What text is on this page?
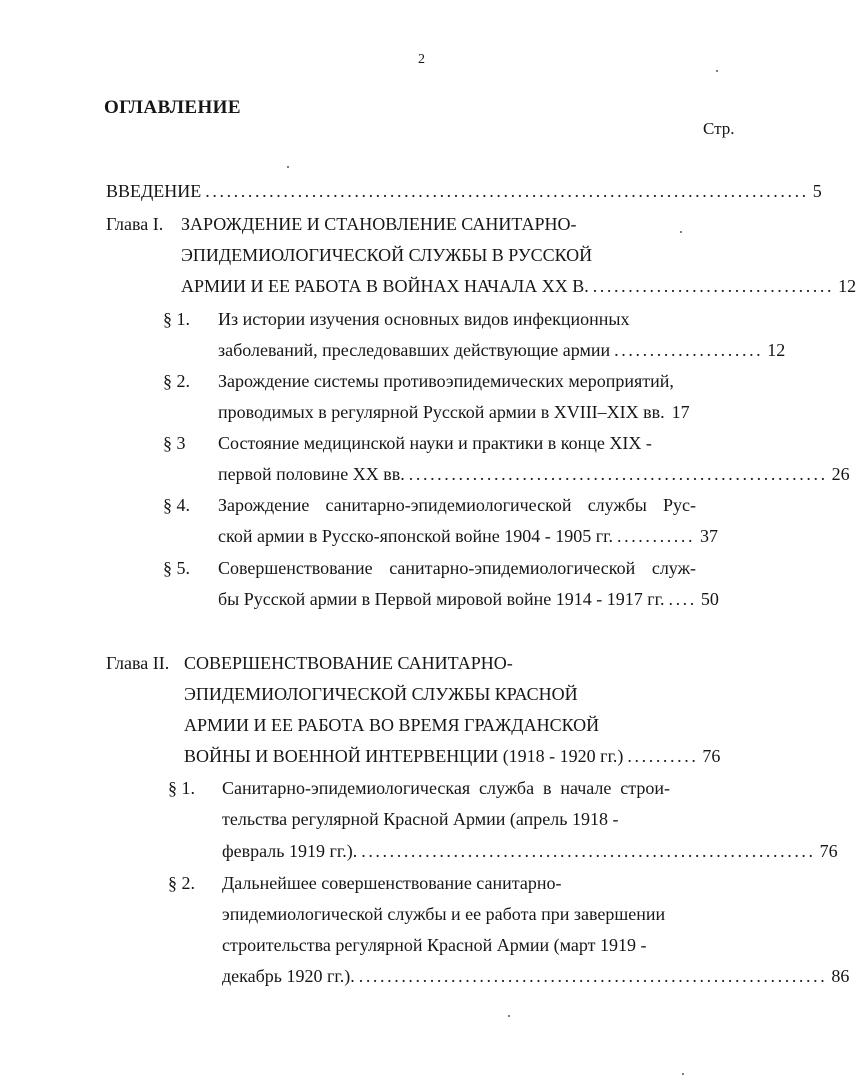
2
ОГЛАВЛЕНИЕ
Стр.
ВВЕДЕНИЕ ..................................................................................... 5
Глава I. ЗАРОЖДЕНИЕ И СТАНОВЛЕНИЕ САНИТАРНО-
ЭПИДЕМИОЛОГИЧЕСКОЙ СЛУЖБЫ В РУССКОЙ
АРМИИ И ЕЕ РАБОТА В ВОЙНАХ НАЧАЛА XX В. .................................. 12
§ 1. Из истории изучения основных видов инфекционных
заболеваний, преследовавших действующие армии ..................... 12
§ 2. Зарождение системы противоэпидемических мероприятий,
проводимых в регулярной Русской армии в XVIII–XIX вв. 17
§ 3 Состояние медицинской науки и практики в конце XIX -
первой половине XX вв. ........................................................... 26
§ 4. Зарождение санитарно-эпидемиологической службы Рус-
ской армии в Русско-японской войне 1904 - 1905 гг. ........... 37
§ 5. Совершенствование санитарно-эпидемиологической служ-
бы Русской армии в Первой мировой войне 1914 - 1917 гг. .... 50
Глава II. СОВЕРШЕНСТВОВАНИЕ САНИТАРНО-
ЭПИДЕМИОЛОГИЧЕСКОЙ СЛУЖБЫ КРАСНОЙ
АРМИИ И ЕЕ РАБОТА ВО ВРЕМЯ ГРАЖДАНСКОЙ
ВОЙНЫ И ВОЕННОЙ ИНТЕРВЕНЦИИ (1918 - 1920 гг.) .......... 76
§ 1. Санитарно-эпидемиологическая служба в начале строи-
тельства регулярной Красной Армии (апрель 1918 -
февраль 1919 гг.). ................................................................ 76
§ 2. Дальнейшее совершенствование санитарно-
эпидемиологической службы и ее работа при завершении
строительства регулярной Красной Армии (март 1919 -
декабрь 1920 гг.). .................................................................. 86
